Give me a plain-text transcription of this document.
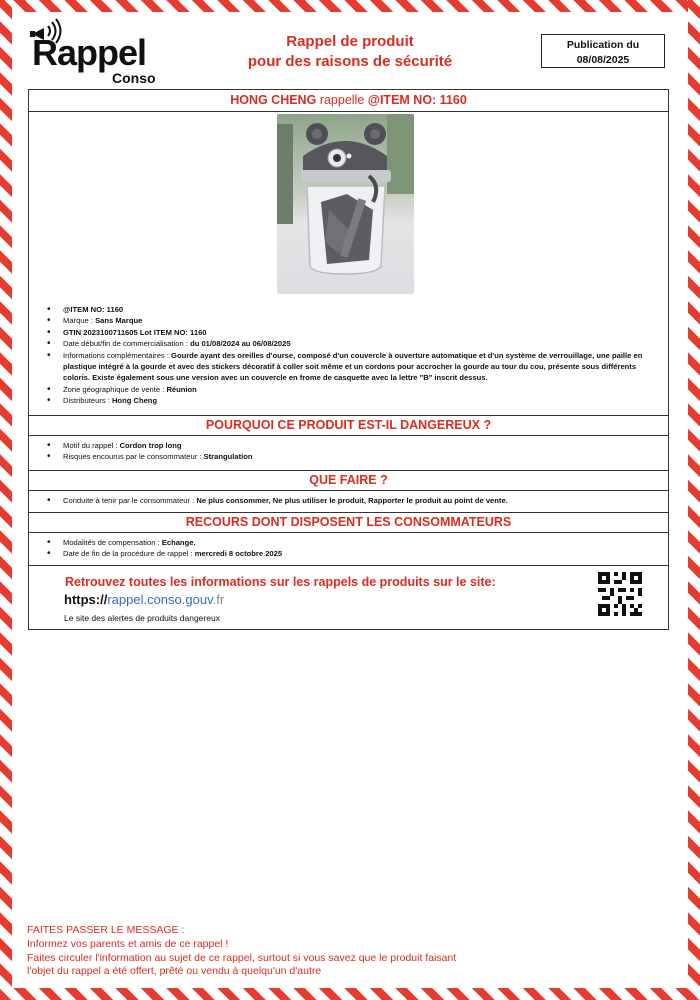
Rappel
Conso
Rappel de produit
pour des raisons de sécurité
Publication du
08/08/2025
HONG CHENG rappelle @ITEM NO: 1160
• @ITEM NO: 1160
• Marque : Sans Marque
• GTIN 2023100711605 Lot ITEM NO: 1160
• Date début/fin de commercialisation : du 01/08/2024 au 06/08/2025
• Informations complémentaires : Gourde ayant des oreilles d'ourse, composé d'un couvercle à ouverture automatique et d'un système de verrouillage, une paille en plastique intégré à la gourde et avec des stickers décoratif à coller soit même et un cordons pour accrocher la gourde au tour du cou, présente sous différents coloris. Existe également sous une version avec un couvercle en frome de casquette avec la lettre "B" inscrit dessus.
• Zone géographique de vente : Réunion
• Distributeurs : Hong Cheng
POURQUOI CE PRODUIT EST-IL DANGEREUX ?
• Motif du rappel : Cordon trop long
• Risques encourus par le consommateur : Strangulation
QUE FAIRE ?
• Conduite à tenir par le consommateur : Ne plus consommer, Ne plus utiliser le produit, Rapporter le produit au point de vente.
RECOURS DONT DISPOSENT LES CONSOMMATEURS
• Modalités de compensation : Echange.
• Date de fin de la procédure de rappel : mercredi 8 octobre 2025
Retrouvez toutes les informations sur les rappels de produits sur le site:
https://rappel.conso.gouv.fr
Le site des alertes de produits dangereux
FAITES PASSER LE MESSAGE :
Informez vos parents et amis de ce rappel !
Faites circuler l'information au sujet de ce rappel, surtout si vous savez que le produit faisant
l'objet du rappel a été offert, prêté ou vendu à quelqu'un d'autre
